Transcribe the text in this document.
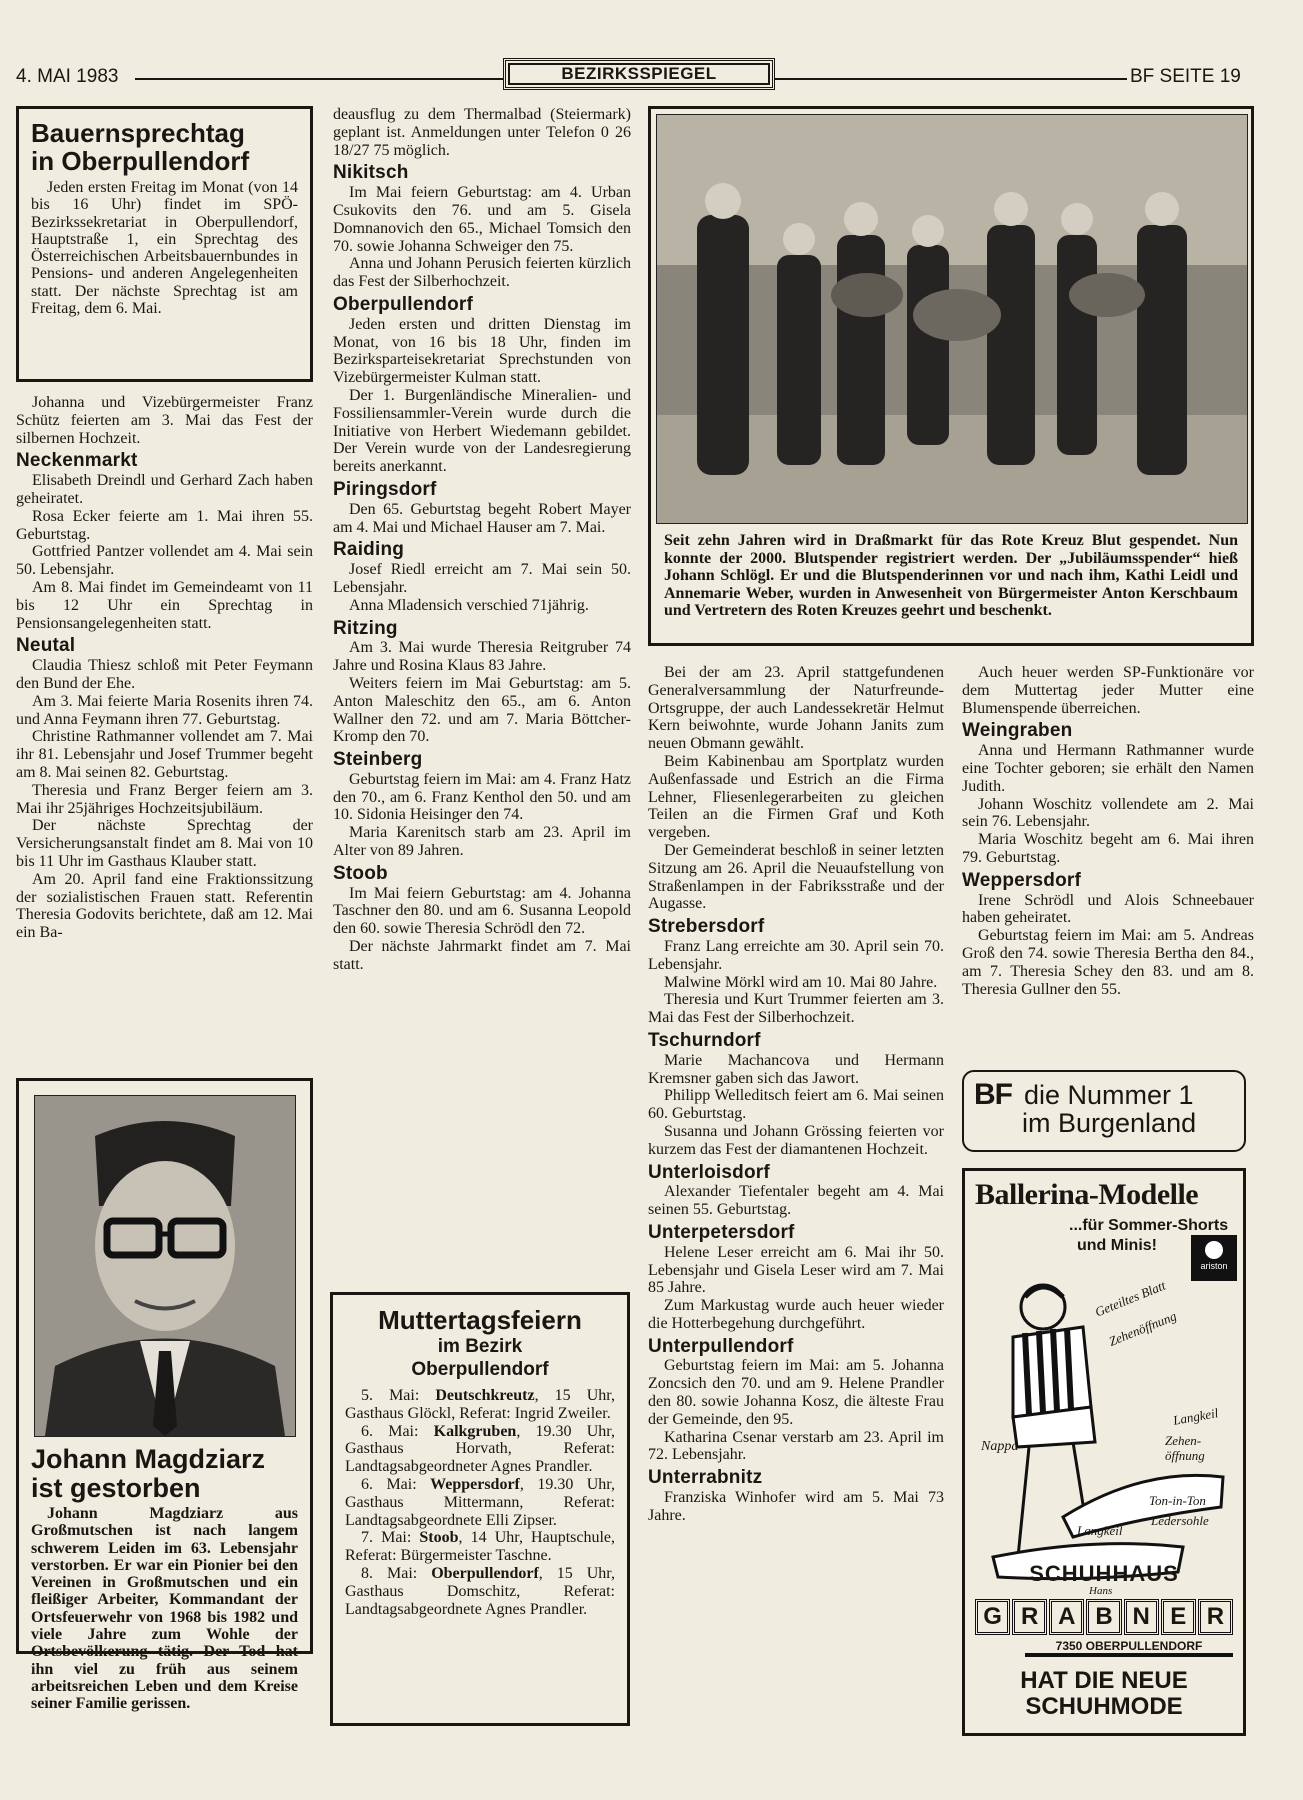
4. MAI 1983	BEZIRKSSPIEGEL	BF SEITE 19
Bauernsprechtag
in Oberpullendorf

Jeden ersten Freitag im Monat (von 14 bis 16 Uhr) findet im SPÖ-Bezirkssekretariat in Oberpullendorf, Hauptstraße 1, ein Sprechtag des Österreichischen Arbeitsbauernbundes in Pensions- und anderen Angelegenheiten statt. Der nächste Sprechtag ist am Freitag, dem 6. Mai.

Johanna und Vizebürgermeister Franz Schütz feierten am 3. Mai das Fest der silbernen Hochzeit.

Neckenmarkt

Elisabeth Dreindl und Gerhard Zach haben geheiratet.

Rosa Ecker feierte am 1. Mai ihren 55. Geburtstag.

Gottfried Pantzer vollendet am 4. Mai sein 50. Lebensjahr.

Am 8. Mai findet im Gemeindeamt von 11 bis 12 Uhr ein Sprechtag in Pensionsangelegenheiten statt.

Neutal

Claudia Thiesz schloß mit Peter Feymann den Bund der Ehe.

Am 3. Mai feierte Maria Rosenits ihren 74. und Anna Feymann ihren 77. Geburtstag.

Christine Rathmanner vollendet am 7. Mai ihr 81. Lebensjahr und Josef Trummer begeht am 8. Mai seinen 82. Geburtstag.

Theresia und Franz Berger feiern am 3. Mai ihr 25jähriges Hochzeitsjubiläum.

Der nächste Sprechtag der Versicherungsanstalt findet am 8. Mai von 10 bis 11 Uhr im Gasthaus Klauber statt.

Am 20. April fand eine Fraktionssitzung der sozialistischen Frauen statt. Referentin Theresia Godovits berichtete, daß am 12. Mai ein Ba-

Johann Magdziarz
ist gestorben

Johann Magdziarz aus Großmutschen ist nach langem schwerem Leiden im 63. Lebensjahr verstorben. Er war ein Pionier bei den Vereinen in Großmutschen und ein fleißiger Arbeiter, Kommandant der Ortsfeuerwehr von 1968 bis 1982 und viele Jahre zum Wohle der Ortsbevölkerung tätig. Der Tod hat ihn viel zu früh aus seinem arbeitsreichen Leben und dem Kreise seiner Familie gerissen.

deausflug zu dem Thermalbad (Steiermark) geplant ist. Anmeldungen unter Telefon 0 26 18/27 75 möglich.

Nikitsch

Im Mai feiern Geburtstag: am 4. Urban Csukovits den 76. und am 5. Gisela Domnanovich den 65., Michael Tomsich den 70. sowie Johanna Schweiger den 75.

Anna und Johann Perusich feierten kürzlich das Fest der Silberhochzeit.

Oberpullendorf

Jeden ersten und dritten Dienstag im Monat, von 16 bis 18 Uhr, finden im Bezirksparteisekretariat Sprechstunden von Vizebürgermeister Kulman statt.

Der 1. Burgenländische Mineralien- und Fossiliensammler-Verein wurde durch die Initiative von Herbert Wiedemann gebildet. Der Verein wurde von der Landesregierung bereits anerkannt.

Piringsdorf

Den 65. Geburtstag begeht Robert Mayer am 4. Mai und Michael Hauser am 7. Mai.

Raiding

Josef Riedl erreicht am 7. Mai sein 50. Lebensjahr.

Anna Mladensich verschied 71jährig.

Ritzing

Am 3. Mai wurde Theresia Reitgruber 74 Jahre und Rosina Klaus 83 Jahre.

Weiters feiern im Mai Geburtstag: am 5. Anton Maleschitz den 65., am 6. Anton Wallner den 72. und am 7. Maria Böttcher-Kromp den 70.

Steinberg

Geburtstag feiern im Mai: am 4. Franz Hatz den 70., am 6. Franz Kenthol den 50. und am 10. Sidonia Heisinger den 74.

Maria Karenitsch starb am 23. April im Alter von 89 Jahren.

Stoob

Im Mai feiern Geburtstag: am 4. Johanna Taschner den 80. und am 6. Susanna Leopold den 60. sowie Theresia Schrödl den 72.

Der nächste Jahrmarkt findet am 7. Mai statt.

Muttertagsfeiern
im Bezirk
Oberpullendorf

5. Mai: Deutschkreutz, 15 Uhr, Gasthaus Glöckl, Referat: Ingrid Zweiler.

6. Mai: Kalkgruben, 19.30 Uhr, Gasthaus Horvath, Referat: Landtagsabgeordneter Agnes Prandler.

6. Mai: Weppersdorf, 19.30 Uhr, Gasthaus Mittermann, Referat: Landtagsabgeordnete Elli Zipser.

7. Mai: Stoob, 14 Uhr, Hauptschule, Referat: Bürgermeister Taschne.

8. Mai: Oberpullendorf, 15 Uhr, Gasthaus Domschitz, Referat: Landtagsabgeordnete Agnes Prandler.

Seit zehn Jahren wird in Draßmarkt für das Rote Kreuz Blut gespendet. Nun konnte der 2000. Blutspender registriert werden. Der „Jubiläumsspender“ hieß Johann Schlögl. Er und die Blutspenderinnen vor und nach ihm, Kathi Leidl und Annemarie Weber, wurden in Anwesenheit von Bürgermeister Anton Kerschbaum und Vertretern des Roten Kreuzes geehrt und beschenkt.

Bei der am 23. April stattgefundenen Generalversammlung der Naturfreunde-Ortsgruppe, der auch Landessekretär Helmut Kern beiwohnte, wurde Johann Janits zum neuen Obmann gewählt.

Beim Kabinenbau am Sportplatz wurden Außenfassade und Estrich an die Firma Lehner, Fliesenlegerarbeiten zu gleichen Teilen an die Firmen Graf und Koth vergeben.

Der Gemeinderat beschloß in seiner letzten Sitzung am 26. April die Neuaufstellung von Straßenlampen in der Fabriksstraße und der Augasse.

Strebersdorf

Franz Lang erreichte am 30. April sein 70. Lebensjahr.

Malwine Mörkl wird am 10. Mai 80 Jahre.

Theresia und Kurt Trummer feierten am 3. Mai das Fest der Silberhochzeit.

Tschurndorf

Marie Machancova und Hermann Kremsner gaben sich das Jawort.

Philipp Welleditsch feiert am 6. Mai seinen 60. Geburtstag.

Susanna und Johann Grössing feierten vor kurzem das Fest der diamantenen Hochzeit.

Unterloisdorf

Alexander Tiefentaler begeht am 4. Mai seinen 55. Geburtstag.

Unterpetersdorf

Helene Leser erreicht am 6. Mai ihr 50. Lebensjahr und Gisela Leser wird am 7. Mai 85 Jahre.

Zum Markustag wurde auch heuer wieder die Hotterbegehung durchgeführt.

Unterpullendorf

Geburtstag feiern im Mai: am 5. Johanna Zoncsich den 70. und am 9. Helene Prandler den 80. sowie Johanna Kosz, die älteste Frau der Gemeinde, den 95.

Katharina Csenar verstarb am 23. April im 72. Lebensjahr.

Unterrabnitz

Franziska Winhofer wird am 5. Mai 73 Jahre.

Auch heuer werden SP-Funktionäre vor dem Muttertag jeder Mutter eine Blumenspende überreichen.

Weingraben

Anna und Hermann Rathmanner wurde eine Tochter geboren; sie erhält den Namen Judith.

Johann Woschitz vollendete am 2. Mai sein 76. Lebensjahr.

Maria Woschitz begeht am 6. Mai ihren 79. Geburtstag.

Weppersdorf

Irene Schrödl und Alois Schneebauer haben geheiratet.

Geburtstag feiern im Mai: am 5. Andreas Groß den 74. sowie Theresia Bertha den 84., am 7. Theresia Schey den 83. und am 8. Theresia Gullner den 55.

BF die Nummer 1
im Burgenland
Ballerina-Modelle
...für Sommer-Shorts
und Minis!
ariston
Geteiltes Blatt
Zehenöffnung
Langkeil
Nappa	Zehen-öffnung
Ton-in-Ton
Ledersohle
Langkeil
SCHUHHAUS
Hans
G R A B N E R
7350 OBERPULLENDORF
HAT DIE NEUE
SCHUHMODE
